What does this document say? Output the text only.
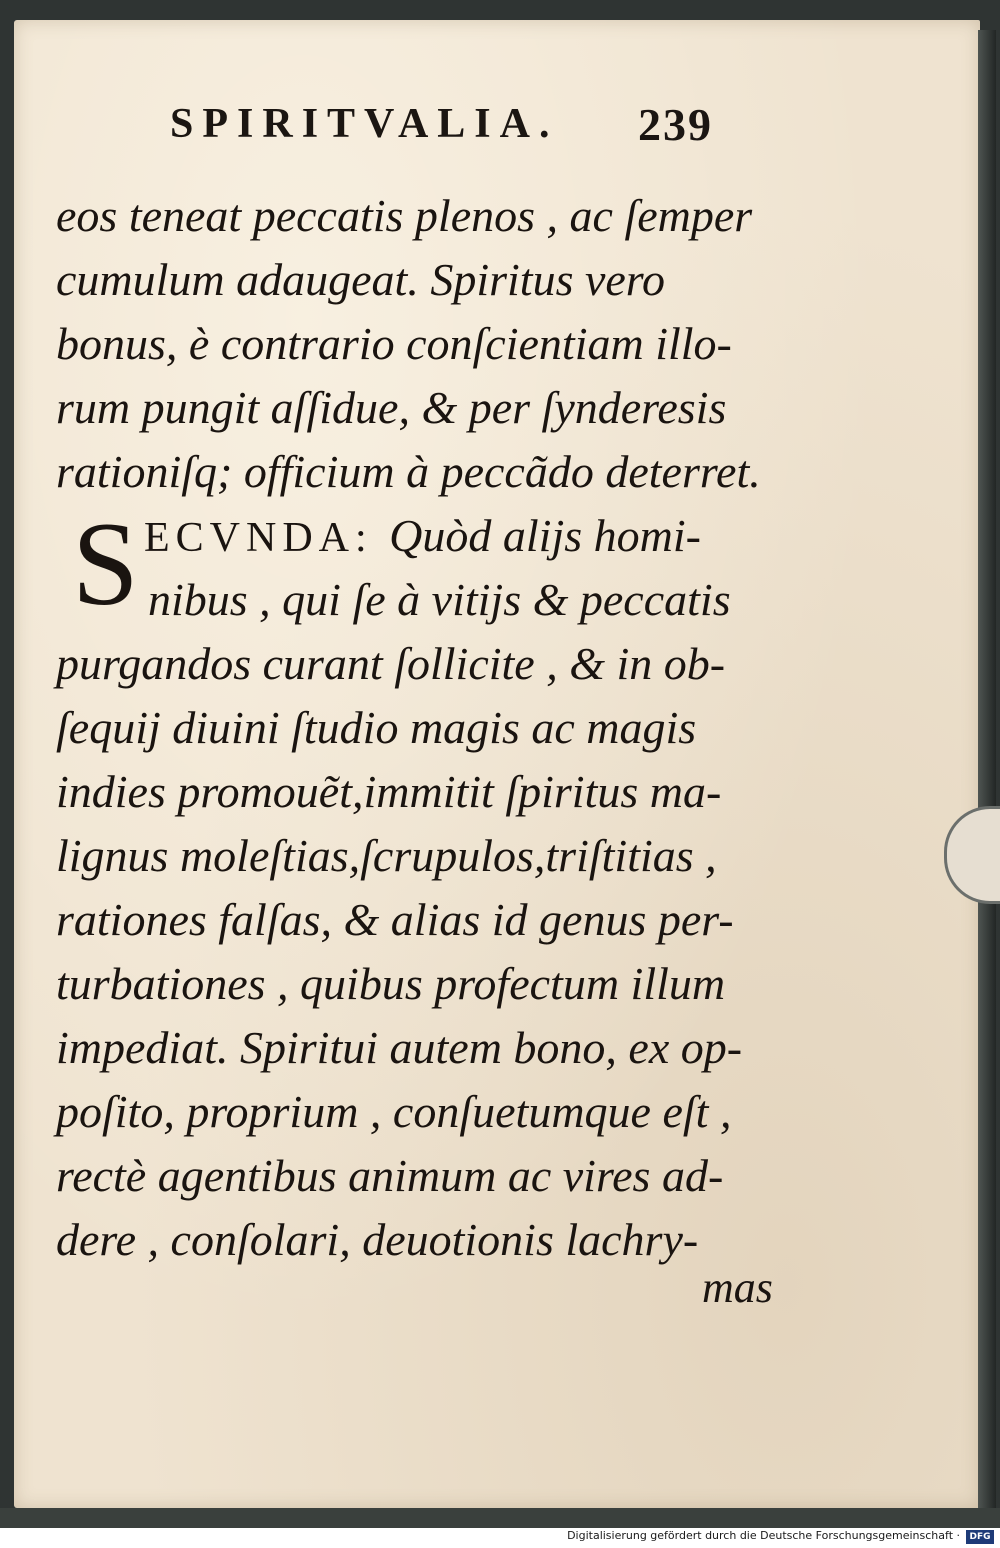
SPIRITVALIA. 239
eos teneat peccatis plenos , ac ſemper
cumulum adaugeat. Spiritus vero
bonus, è contrario conſcientiam illo-
rum pungit aſſidue, & per ſynderesis
rationiſq; officium à peccãdo deterret.
S ECVNDA: Quòd alijs homi-
nibus , qui ſe à vitijs & peccatis
purgandos curant ſollicite , & in ob-
ſequij diuini ſtudio magis ac magis
indies promouẽt,immitit ſpiritus ma-
lignus moleſtias,ſcrupulos,triſtitias ,
rationes falſas, & alias id genus per-
turbationes , quibus profectum illum
impediat. Spiritui autem bono, ex op-
poſito, proprium , conſuetumque eſt ,
rectè agentibus animum ac vires ad-
dere , conſolari, deuotionis lachry-
mas
Digitalisierung gefördert durch die Deutsche Forschungsgemeinschaft ·	DFG
